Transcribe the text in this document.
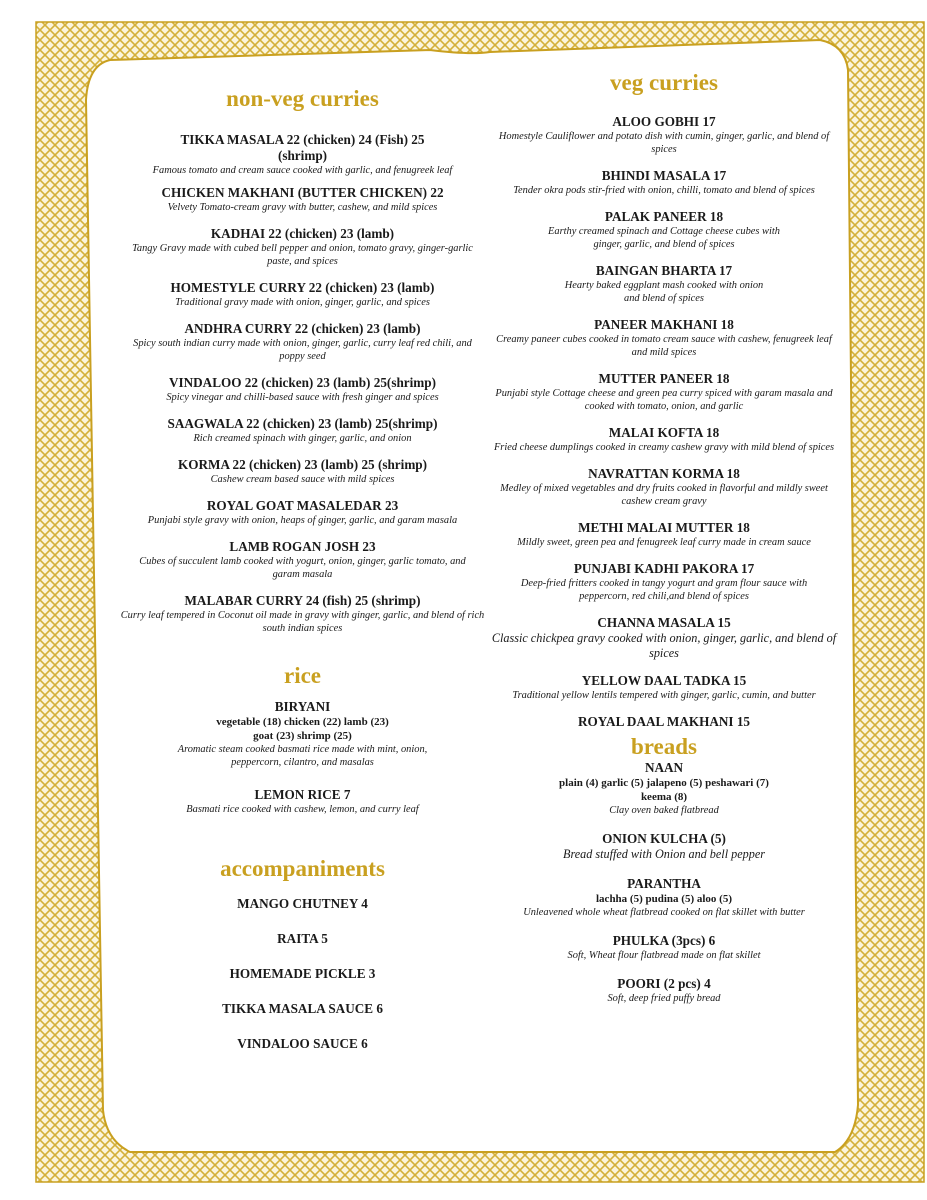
non-veg curries
TIKKA MASALA 22 (chicken) 24 (Fish) 25 (shrimp)
Famous tomato and cream sauce cooked with garlic, and fenugreek leaf
CHICKEN MAKHANI (BUTTER CHICKEN) 22
Velvety Tomato-cream gravy with butter, cashew, and mild spices
KADHAI 22 (chicken) 23 (lamb)
Tangy Gravy made with cubed bell pepper and onion, tomato gravy, ginger-garlic paste, and spices
HOMESTYLE CURRY 22 (chicken) 23 (lamb)
Traditional gravy made with onion, ginger, garlic, and spices
ANDHRA CURRY 22 (chicken) 23 (lamb)
Spicy south indian curry made with onion, ginger, garlic, curry leaf red chili, and poppy seed
VINDALOO 22 (chicken) 23 (lamb) 25(shrimp)
Spicy vinegar and chilli-based sauce with fresh ginger and spices
SAAGWALA 22 (chicken) 23 (lamb) 25(shrimp)
Rich creamed spinach with ginger, garlic, and onion
KORMA 22 (chicken) 23 (lamb) 25 (shrimp)
Cashew cream based sauce with mild spices
ROYAL GOAT MASALEDAR 23
Punjabi style gravy with onion, heaps of ginger, garlic, and garam masala
LAMB ROGAN JOSH 23
Cubes of succulent lamb cooked with yogurt, onion, ginger, garlic tomato, and garam masala
MALABAR CURRY 24 (fish) 25 (shrimp)
Curry leaf tempered in Coconut oil made in gravy with ginger, garlic, and blend of rich south indian spices
rice
BIRYANI
vegetable (18) chicken (22) lamb (23)
goat (23) shrimp (25)
Aromatic steam cooked basmati rice made with mint, onion, peppercorn, cilantro, and masalas
LEMON RICE 7
Basmati rice cooked with cashew, lemon, and curry leaf
accompaniments
MANGO CHUTNEY 4
RAITA 5
HOMEMADE PICKLE 3
TIKKA MASALA SAUCE 6
VINDALOO SAUCE 6
veg curries
ALOO GOBHI 17
Homestyle Cauliflower and potato dish with cumin, ginger, garlic, and blend of spices
BHINDI MASALA 17
Tender okra pods stir-fried with onion, chilli, tomato and blend of spices
PALAK PANEER 18
Earthy creamed spinach and Cottage cheese cubes with ginger, garlic, and blend of spices
BAINGAN BHARTA 17
Hearty baked eggplant mash cooked with onion and blend of spices
PANEER MAKHANI 18
Creamy paneer cubes cooked in tomato cream sauce with cashew, fenugreek leaf and mild spices
MUTTER PANEER 18
Punjabi style Cottage cheese and green pea curry spiced with garam masala and cooked with tomato, onion, and garlic
MALAI KOFTA 18
Fried cheese dumplings cooked in creamy cashew gravy with mild blend of spices
NAVRATTAN KORMA 18
Medley of mixed vegetables and dry fruits cooked in flavorful and mildly sweet cashew cream gravy
METHI MALAI MUTTER 18
Mildly sweet, green pea and fenugreek leaf curry made in cream sauce
PUNJABI KADHI PAKORA 17
Deep-fried fritters cooked in tangy yogurt and gram flour sauce with peppercorn, red chili,and blend of spices
CHANNA MASALA 15
Classic chickpea gravy cooked with onion, ginger, garlic, and blend of spices
YELLOW DAAL TADKA 15
Traditional yellow lentils tempered with ginger, garlic, cumin, and butter
ROYAL DAAL MAKHANI 15
breads
NAAN
plain (4) garlic (5) jalapeno (5) peshawari (7)
keema (8)
Clay oven baked flatbread
ONION KULCHA (5)
Bread stuffed with Onion and bell pepper
PARANTHA
lachha (5) pudina (5) aloo (5)
Unleavened whole wheat flatbread cooked on flat skillet with butter
PHULKA (3pcs) 6
Soft, Wheat flour flatbread made on flat skillet
POORI (2 pcs) 4
Soft, deep fried puffy bread
